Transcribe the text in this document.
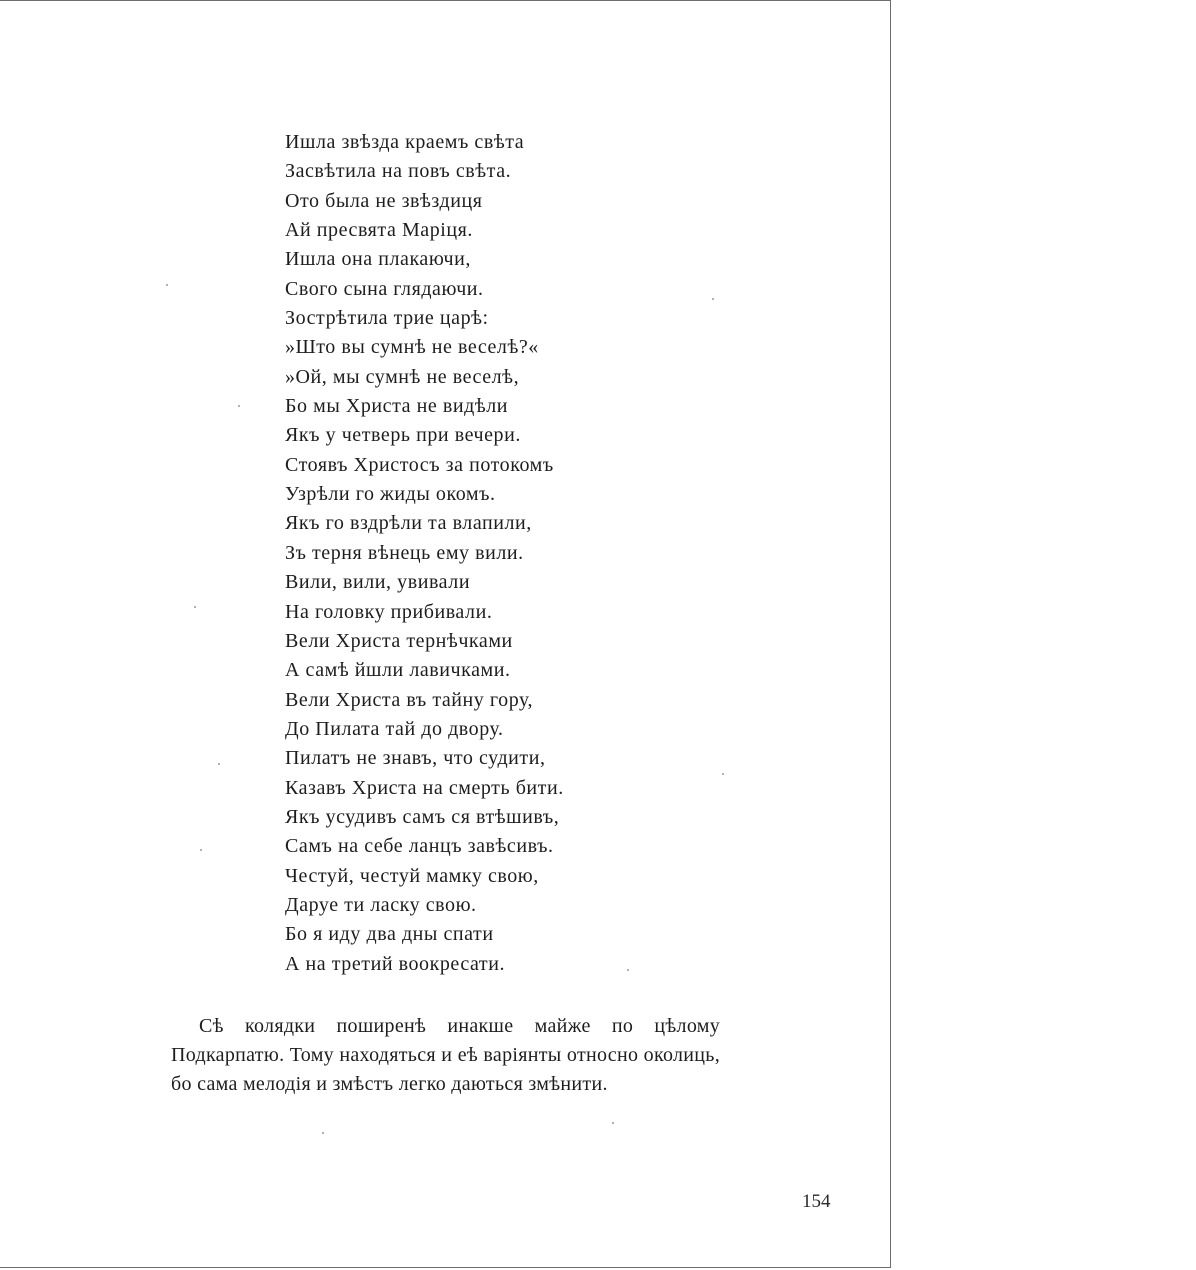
Ишла звѣзда краемъ свѣта
Засвѣтила на повъ свѣта.
Ото была не звѣздиця
Ай пресвята Марiця.
Ишла она плакаючи,
Свого сына глядаючи.
Зострѣтила трие царѣ:
»Што вы сумнѣ не веселѣ?«
»Ой, мы сумнѣ не веселѣ,
Бо мы Христа не видѣли
Якъ у четверь при вечери.
Стоявъ Христосъ за потокомъ
Узрѣли го жиды окомъ.
Якъ го вздрѣли та влапили,
Зъ терня вѣнець ему вили.
Вили, вили, увивали
На головку прибивали.
Вели Христа тернѣчками
А самѣ йшли лавичками.
Вели Христа въ тайну гору,
До Пилата тай до двору.
Пилатъ не знавъ, что судити,
Казавъ Христа на смерть бити.
Якъ усудивъ самъ ся втѣшивъ,
Самъ на себе ланцъ завѣсивъ.
Честуй, честуй мамку свою,
Даруе ти ласку свою.
Бо я иду два дны спати
А на третий воокресати.

Сѣ колядки поширенѣ инакше майже по цѣлому Подкарпатю. Тому находяться и еѣ варiянты относно околиць, бо сама мелодiя и змѣстъ легко даються змѣнити.

154
